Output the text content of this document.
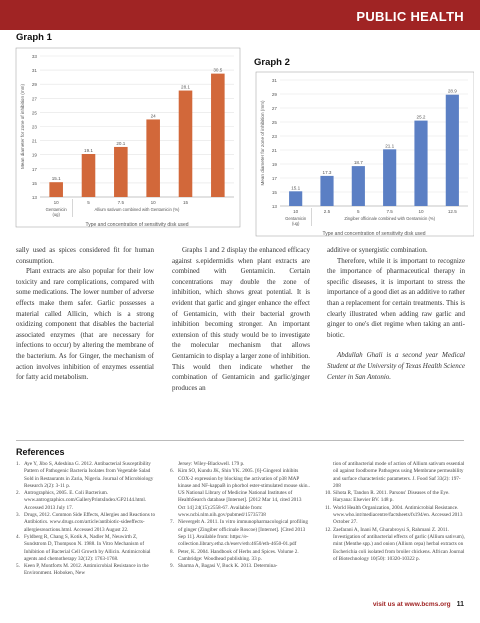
PUBLIC HEALTH
Graph 1
13
15
17
19
21
23
25
27
29
31
33
15.1
10
19.1
5
20.1
7.5
24
10
28.1
15
30.5
Gentamicin
(ug)
Allium sativum combined with Gentamicin (%)
Type and concentration of sensitivity disk used
Mean diameter for zone of inhibition (mm)
Graph 2
13
15
17
19
21
23
25
27
29
31
15.1
10
17.3
2.5
18.7
5
21.1
7.5
25.2
10
28.9
12.5
Gentamicin
(ug)
Zingiber officinale combined with Gentamicin (%)
Type and concentration of sensitivity disk used
Mean diameter for zone of inhibition (mm)

sally used as spices considered fit for human consumption.

Plant extracts are also popular for their low toxicity and rare complications, compared with some medications. The lower number of adverse effects make them safer. Garlic possesses a material called Allicin, which is a strong oxidizing component that disables the bacterial associated enzymes (that are necessary for infections to occur) by altering the membrane of the bacterium. As for Ginger, the mechanism of action involves inhibition of enzymes essential for fatty acid metabolism.

Graphs 1 and 2 display the enhanced efficacy against s.epidermidis when plant extracts are combined with Gentamicin. Certain concentrations may double the zone of inhibition, which shows great potential. It is evident that garlic and ginger enhance the effect of Gentamicin, with their bacterial growth inhibition becoming stronger. An important extension of this study would be to investigate the molecular mechanism that allows Gentamicin to display a larger zone of inhibition. This would then indicate whether the combination of Gentamicin and garlic/ginger produces an

additive or synergistic combination.

Therefore, while it is important to recognize the importance of pharmaceutical therapy in specific diseases, it is important to stress the importance of a good diet as an additive to rather than a replacement for certain treatments. This is clearly illustrated when adding raw garlic and ginger to one's diet regime when taking an anti-biotic.

Abdullah Ghali is a second year Medical Student at the University of Texas Health Science Center in San Antonio.

References
1. Aye Y, Jibo S, Adeshina G. 2012. Antibacterial Susceptibility Pattern of Pathogenic Bacteria Isolates from Vegetable Salad Sold in Restaurants in Zaria, Nigeria. Journal of Microbiology Research 2(2): 3-11 p.
2. Antrographics, 2005. E. Coli Bacterium. www.antrographics.com/GalleryPrintsIndex/GP2144.html. Accessed 2013 July 17.
3. Drugs, 2012. Common Side Effects, Allergies and Reactions to Antibiotics. www.drugs.com/article/antibiotic-sideeffects-allergiesreactions.html. Accessed 2013 August 22.
4. Fyldberg R, Chang S, Kotik A, Nadler M, Neuwirth Z, Sundstrom D, Thompson N. 1988. In Vitro Mechanism of Inhibition of Bacterial Cell Growth by Allicin. Antimicrobial agents and chemotherapy 32(12): 1763-1768.
5. Keen P, Montforts M. 2012. Antimicrobial Resistance in the Environment. Hoboken, New
Jersey: Wiley-Blackwell. 179 p.
6. Kim SO, Kundu JK, Shin YK. 2005. [6]-Gingerol inhibits COX-2 expression by blocking the activation of p38 MAP kinase and NF-kappaB in phorbol ester-stimulated mouse skin.. US National Library of Medicine National Institutes of HealthSearch database [Internet]. [2012 Mar 14, cited 2013 Oct 14] 24(15):2558-67. Available from: www.ncbi.nlm.nih.gov/pubmed/15735738
7. Nievergelt A. 2011. In vitro immunopharmacological profiling of ginger (Zingiber officinale Roscoe) [Internet]. [Cited 2013 Sep 11]. Available from: https://e-collection.library.ethz.ch/eserv/eth:4650/eth-4650-01.pdf
8. Peter, K. 2004. Handbook of Herbs and Spices. Volume 2. Cambridge: Woodhead publishing. 33 p.
9. Sharma A, Bagasi V, Buck K. 2013. Determina-
tion of antibacterial mode of action of Allium sativum essential oil against foodborne Pathogens using Membrane permeability and surface characteristic parameters. J. Food Saf 33(2): 197-208
10. Sihota R, Tandon R. 2011. Parsons' Diseases of the Eye. Haryana: Elsevier BV. 148 p.
11. World Health Organization, 2004. Antimicrobial Resistance. www.who.int/mediacentre/factsheets/fs194/en. Accessed 2013 October 27.
12. Zaefarani A, Inani M, Gharabroysi S, Rahmani Z. 2011. Investigation of antibacterial effects of garlic (Allium sativum), mint (Menthe spp.) and onion (Allium cepa) herbal extracts on Escherichia coli isolated from broiler chickens. African Journal of Biotechnology 10(50): 10320-10322 p.
visit us at www.bcms.org 11
